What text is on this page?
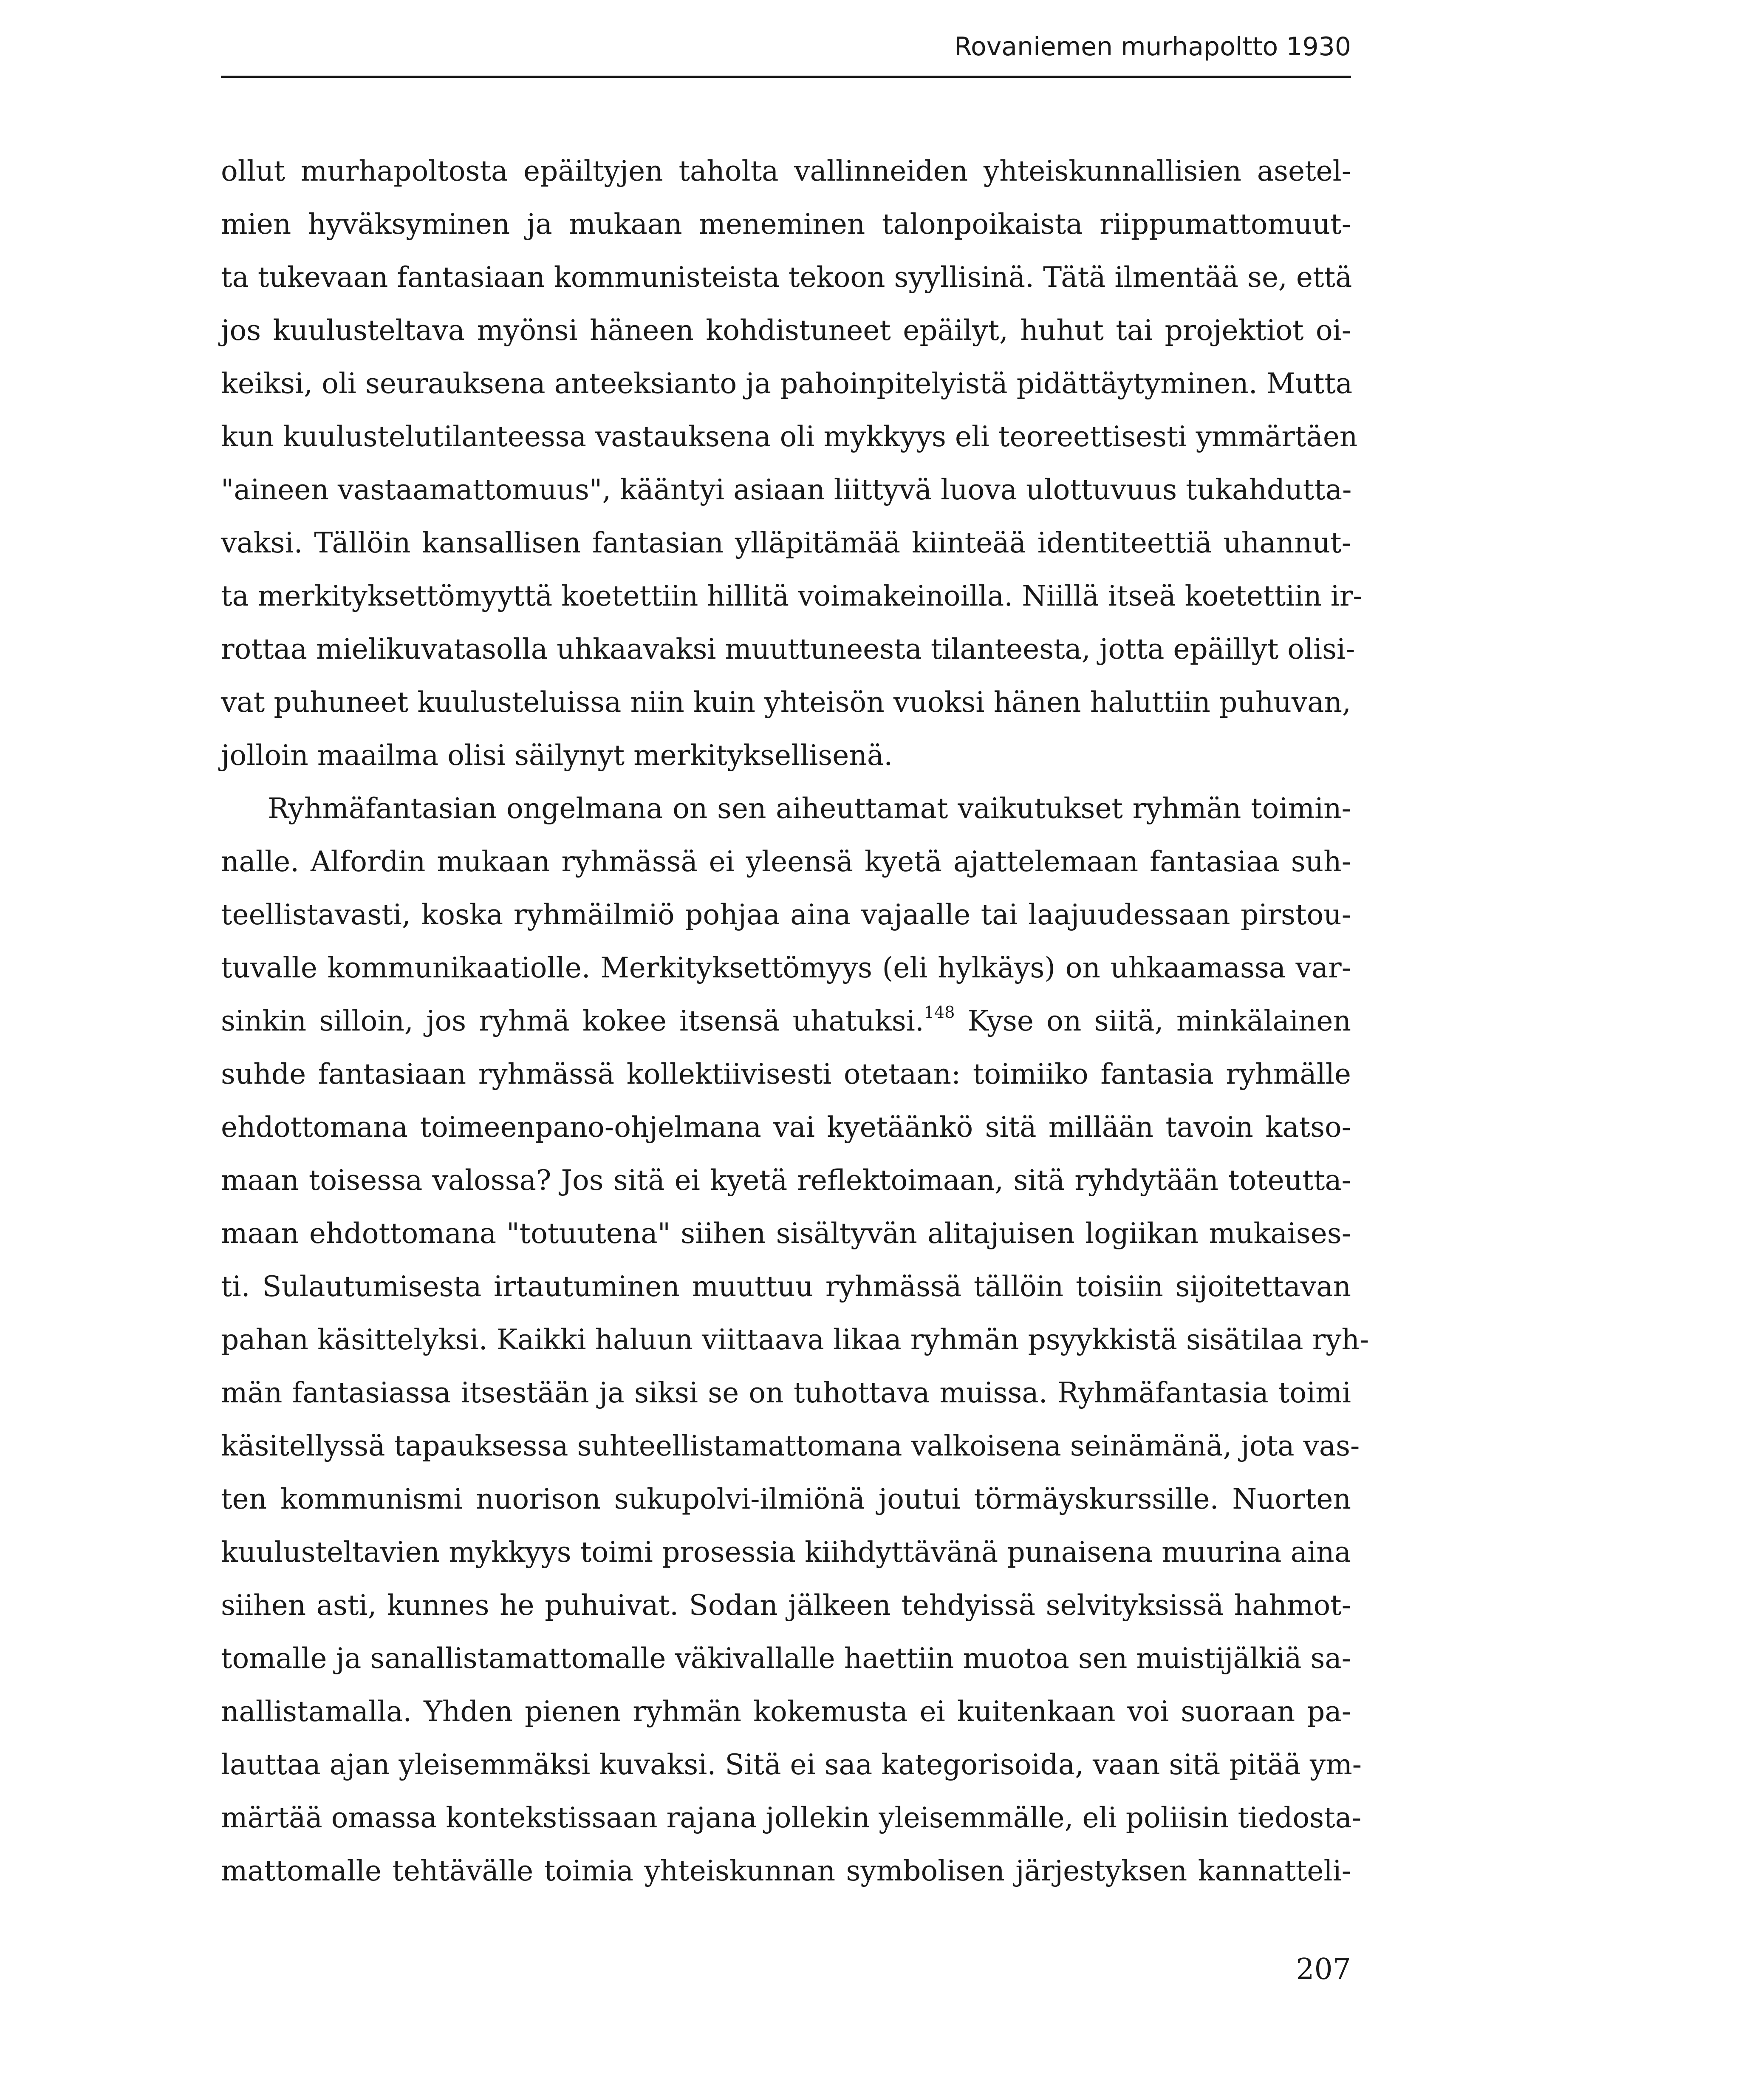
Rovaniemen murhapoltto 1930
ollut murhapoltosta epäiltyjen taholta vallinneiden yhteiskunnallisien asetel-
mien hyväksyminen ja mukaan meneminen talonpoikaista riippumattomuut-
ta tukevaan fantasiaan kommunisteista tekoon syyllisinä. Tätä ilmentää se, että
jos kuulusteltava myönsi häneen kohdistuneet epäilyt, huhut tai projektiot oi-
keiksi, oli seurauksena anteeksianto ja pahoinpitelyistä pidättäytyminen. Mutta
kun kuulustelutilanteessa vastauksena oli mykkyys eli teoreettisesti ymmärtäen
"aineen vastaamattomuus", kääntyi asiaan liittyvä luova ulottuvuus tukahdutta-
vaksi. Tällöin kansallisen fantasian ylläpitämää kiinteää identiteettiä uhannut-
ta merkityksettömyyttä koetettiin hillitä voimakeinoilla. Niillä itseä koetettiin ir-
rottaa mielikuvatasolla uhkaavaksi muuttuneesta tilanteesta, jotta epäillyt olisi-
vat puhuneet kuulusteluissa niin kuin yhteisön vuoksi hänen haluttiin puhuvan,
jolloin maailma olisi säilynyt merkityksellisenä.
Ryhmäfantasian ongelmana on sen aiheuttamat vaikutukset ryhmän toimin-
nalle. Alfordin mukaan ryhmässä ei yleensä kyetä ajattelemaan fantasiaa suh-
teellistavasti, koska ryhmäilmiö pohjaa aina vajaalle tai laajuudessaan pirstou-
tuvalle kommunikaatiolle. Merkityksettömyys (eli hylkäys) on uhkaamassa var-
sinkin silloin, jos ryhmä kokee itsensä uhatuksi.$^{148}$ Kyse on siitä, minkälainen
suhde fantasiaan ryhmässä kollektiivisesti otetaan: toimiiko fantasia ryhmälle
ehdottomana toimeenpano-ohjelmana vai kyetäänkö sitä millään tavoin katso-
maan toisessa valossa? Jos sitä ei kyetä reflektoimaan, sitä ryhdytään toteutta-
maan ehdottomana "totuutena" siihen sisältyvän alitajuisen logiikan mukaises-
ti. Sulautumisesta irtautuminen muuttuu ryhmässä tällöin toisiin sijoitettavan
pahan käsittelyksi. Kaikki haluun viittaava likaa ryhmän psyykkistä sisätilaa ryh-
män fantasiassa itsestään ja siksi se on tuhottava muissa. Ryhmäfantasia toimi
käsitellyssä tapauksessa suhteellistamattomana valkoisena seinämänä, jota vas-
ten kommunismi nuorison sukupolvi-ilmiönä joutui törmäyskurssille. Nuorten
kuulusteltavien mykkyys toimi prosessia kiihdyttävänä punaisena muurina aina
siihen asti, kunnes he puhuivat. Sodan jälkeen tehdyissä selvityksissä hahmot-
tomalle ja sanallistamattomalle väkivallalle haettiin muotoa sen muistijälkiä sa-
nallistamalla. Yhden pienen ryhmän kokemusta ei kuitenkaan voi suoraan pa-
lauttaa ajan yleisemmäksi kuvaksi. Sitä ei saa kategorisoida, vaan sitä pitää ym-
märtää omassa kontekstissaan rajana jollekin yleisemmälle, eli poliisin tiedosta-
mattomalle tehtävälle toimia yhteiskunnan symbolisen järjestyksen kannatteli-
207
